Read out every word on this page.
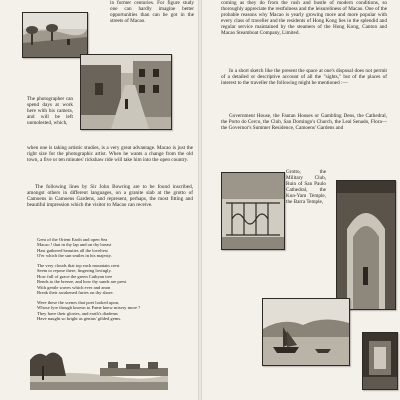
in former centuries. For figure study one can hardly imagine better opportunities than can be got in the streets of Macao.

The photographer can spend days at work here with his camera, and will be left unmolested, which,

when one is taking artistic studies, is a very great advantage. Macao is just the right size for the photographic artist. When he wants a change from the old town, a five or ten minutes' rickshaw ride will take him into the open country.

The following lines by Sir John Bowring are to be found inscribed, amongst others in different languages, on a granite slab at the grotto of Camoens in Camoens Gardens, and represent, perhaps, the most fitting and beautiful impression which the visitor to Macao can receive.

Gem of the Orient Earth and open Sea
Macao ! that in thy lap and on thy breast
Hast gathered beauties all the loveliest
O'er which the sun smiles in his majesty.

The very clouds that top each mountain crest
Seem to repose there, lingering lovingly.
How full of grace the green Cathyan tree
Bends to the breeze, and how thy sands are prest
With gentle waves which ever and anon
Break their awakened furies on thy shore.

Were these the scenes that poet looked upon,
Whose lyre though known to Fame knew misery more ?
They have their glories, and earth's diadems
Have naught so bright as genius' gilded gems.

coming as they do from the rush and bustle of modern conditions, so thoroughly appreciate the restfulness and the leisureliness of Macao. One of the probable reasons why Macao is yearly growing more and more popular with every class of traveller and the residents of Hong Kong lies in the splendid and regular service maintained by the steamers of the Hong Kong, Canton and Macao Steamboat Company, Limited.

In a short sketch like the present the space at one's disposal does not permit of a detailed or descriptive account of all the "sights," but of the places of interest to the traveller the following might be mentioned :—

Government House, the Fantan Houses or Gambling Dens, the Cathedral, the Porto do Cerco, the Club, San Domingo's Church, the Leal Senado, Flora—the Governor's Summer Residence, Camoens' Gardens and

Grotto, the Military Club, Ruin of San Paulo Cathedral, the Kun-Yam Temple, the Barra Temple,
